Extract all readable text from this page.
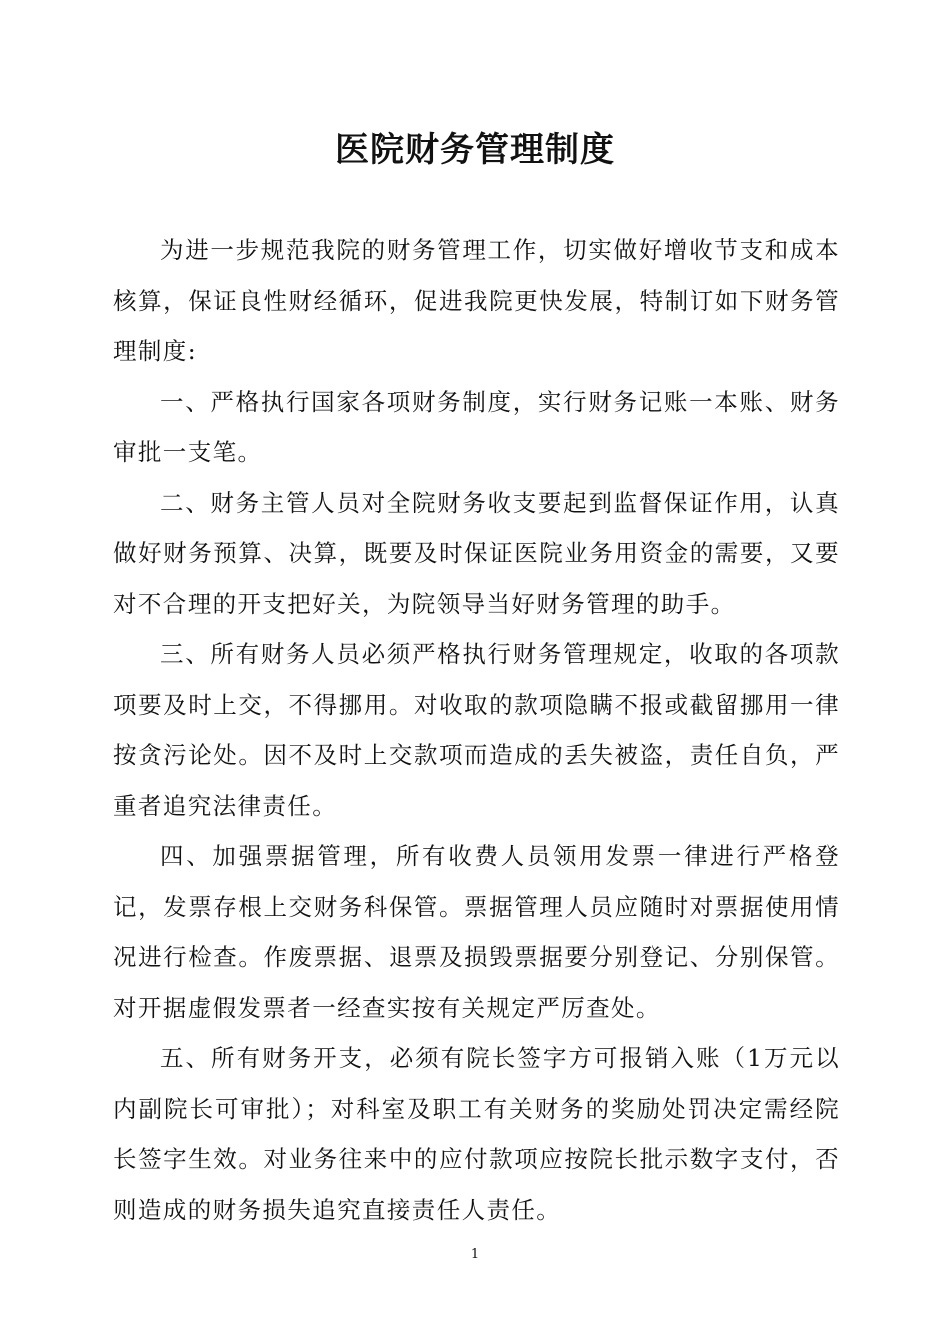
医院财务管理制度

为进一步规范我院的财务管理工作，切实做好增收节支和成本核算，保证良性财经循环，促进我院更快发展，特制订如下财务管理制度:

一、严格执行国家各项财务制度，实行财务记账一本账、财务审批一支笔。

二、财务主管人员对全院财务收支要起到监督保证作用，认真做好财务预算、决算，既要及时保证医院业务用资金的需要，又要对不合理的开支把好关，为院领导当好财务管理的助手。

三、所有财务人员必须严格执行财务管理规定，收取的各项款项要及时上交，不得挪用。对收取的款项隐瞒不报或截留挪用一律按贪污论处。因不及时上交款项而造成的丢失被盗，责任自负，严重者追究法律责任。

四、加强票据管理，所有收费人员领用发票一律进行严格登记，发票存根上交财务科保管。票据管理人员应随时对票据使用情况进行检查。作废票据、退票及损毁票据要分别登记、分别保管。对开据虚假发票者一经查实按有关规定严厉查处。

五、所有财务开支，必须有院长签字方可报销入账（1万元以内副院长可审批）；对科室及职工有关财务的奖励处罚决定需经院长签字生效。对业务往来中的应付款项应按院长批示数字支付，否则造成的财务损失追究直接责任人责任。

1
